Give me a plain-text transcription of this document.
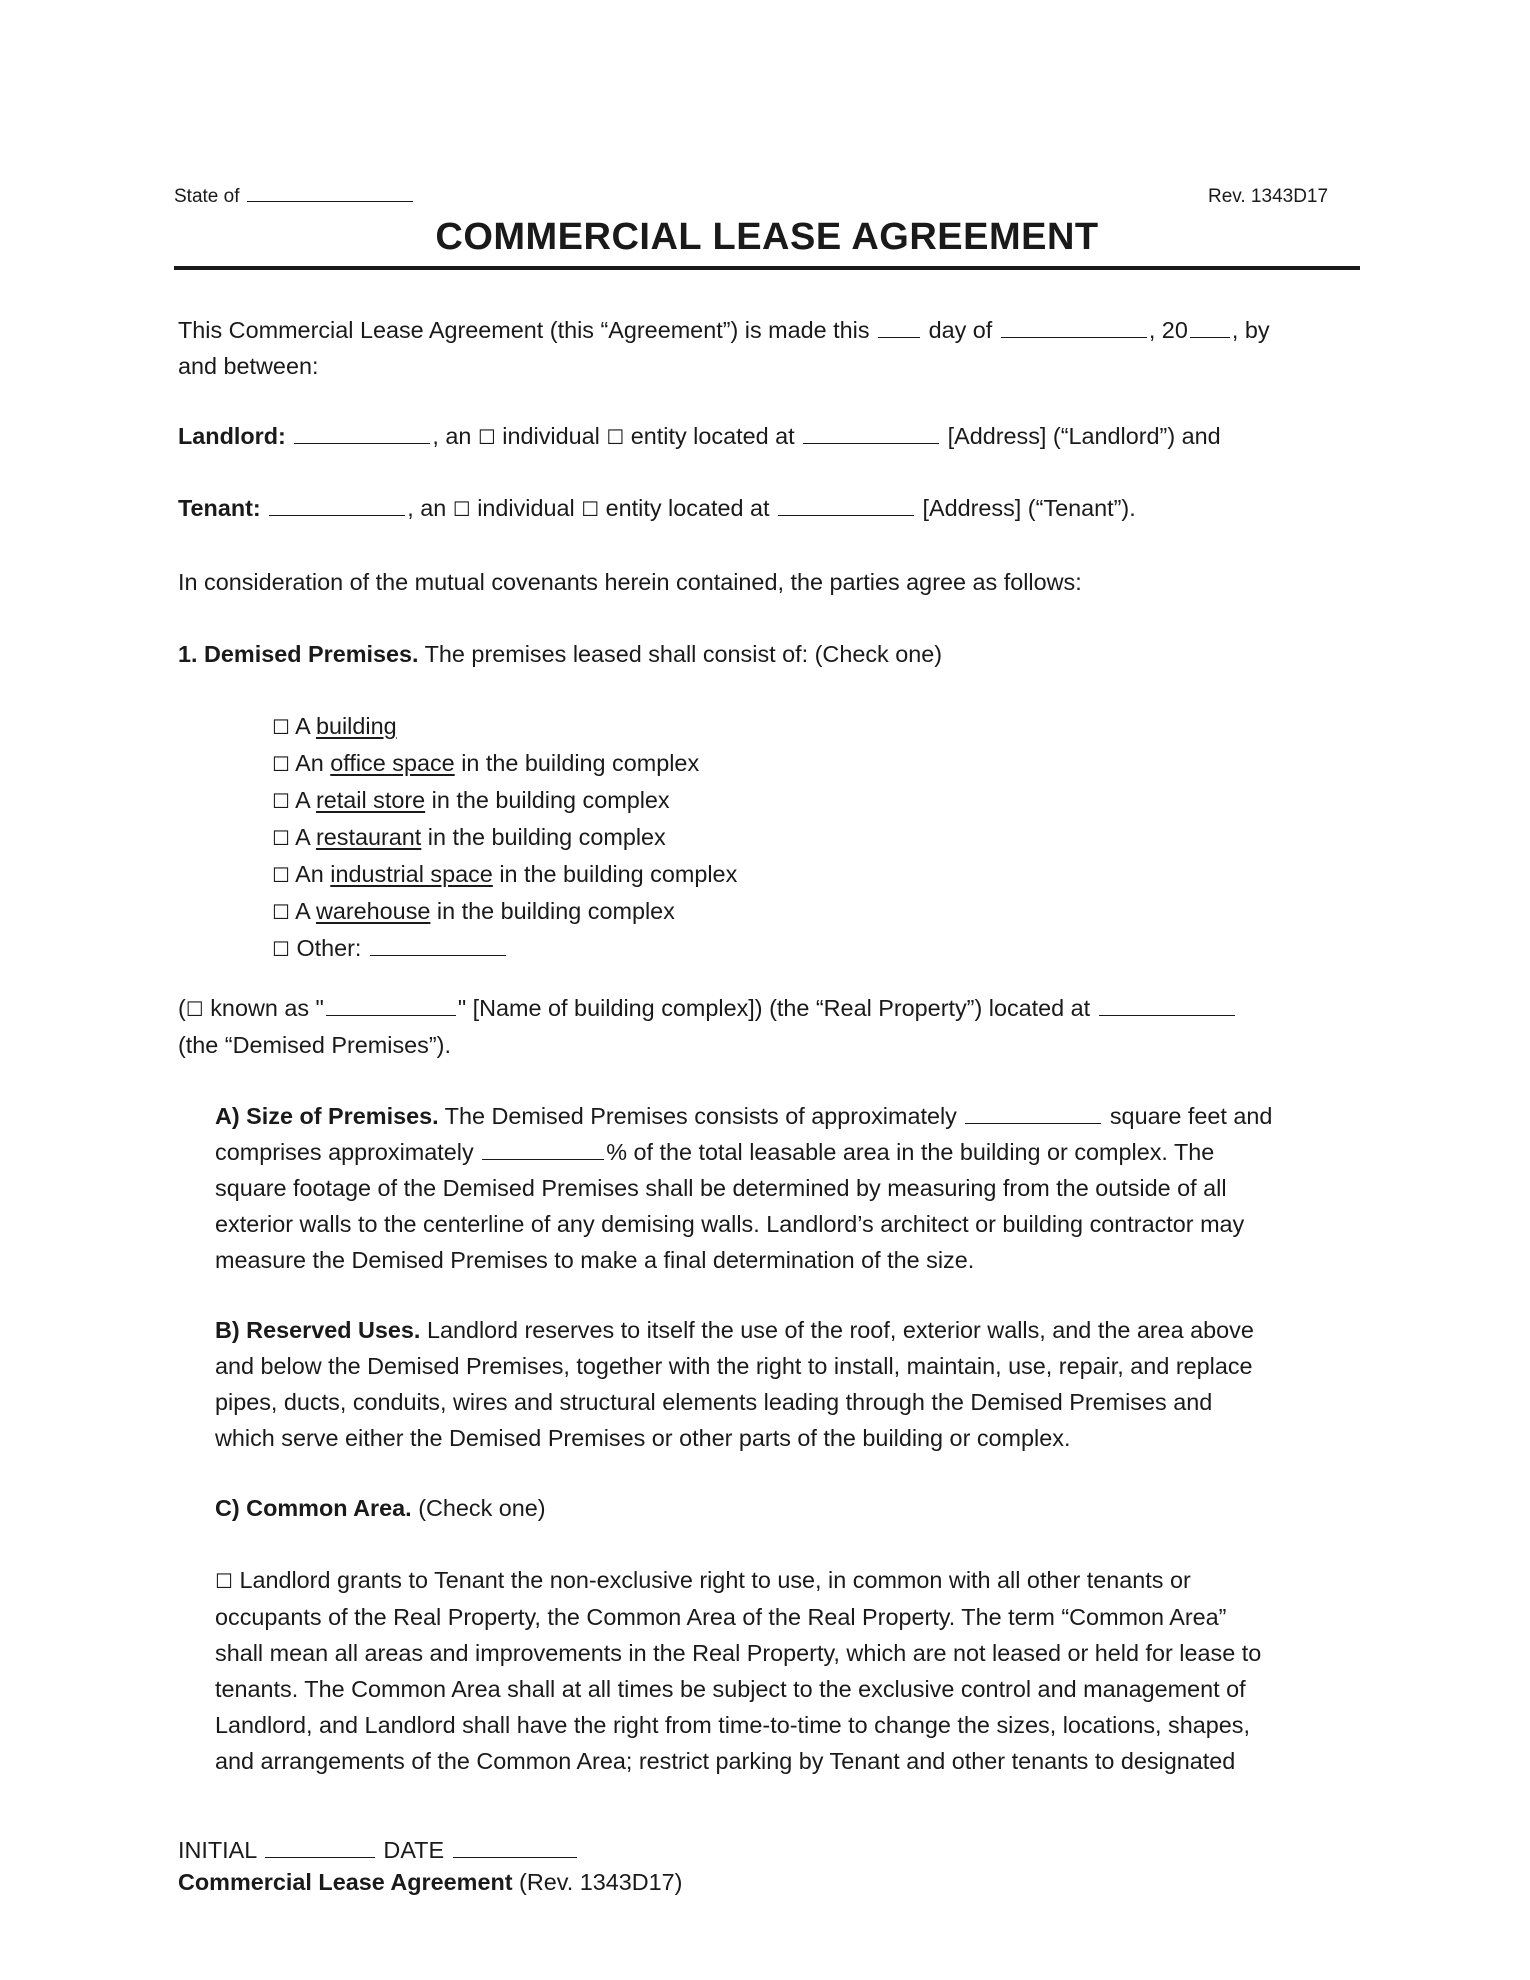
State of	Rev. 1343D17
COMMERCIAL LEASE AGREEMENT
This Commercial Lease Agreement (this “Agreement”) is made this	day of	, 20 , by
and between:
Landlord:	, an ☐ individual ☐ entity located at	[Address] (“Landlord”) and
Tenant:	, an ☐ individual ☐ entity located at	[Address] (“Tenant”).
In consideration of the mutual covenants herein contained, the parties agree as follows:
1. Demised Premises. The premises leased shall consist of: (Check one)
☐ A building
☐ An office space in the building complex
☐ A retail store in the building complex
☐ A restaurant in the building complex
☐ An industrial space in the building complex
☐ A warehouse in the building complex
☐ Other:
(☐ known as "	" [Name of building complex]) (the “Real Property”) located at
(the “Demised Premises”).
A) Size of Premises. The Demised Premises consists of approximately	square feet and
comprises approximately	% of the total leasable area in the building or complex. The
square footage of the Demised Premises shall be determined by measuring from the outside of all
exterior walls to the centerline of any demising walls. Landlord’s architect or building contractor may
measure the Demised Premises to make a final determination of the size.
B) Reserved Uses. Landlord reserves to itself the use of the roof, exterior walls, and the area above
and below the Demised Premises, together with the right to install, maintain, use, repair, and replace
pipes, ducts, conduits, wires and structural elements leading through the Demised Premises and
which serve either the Demised Premises or other parts of the building or complex.
C) Common Area. (Check one)
☐ Landlord grants to Tenant the non-exclusive right to use, in common with all other tenants or
occupants of the Real Property, the Common Area of the Real Property. The term “Common Area”
shall mean all areas and improvements in the Real Property, which are not leased or held for lease to
tenants. The Common Area shall at all times be subject to the exclusive control and management of
Landlord, and Landlord shall have the right from time-to-time to change the sizes, locations, shapes,
and arrangements of the Common Area; restrict parking by Tenant and other tenants to designated
INITIAL	DATE
Commercial Lease Agreement (Rev. 1343D17)
